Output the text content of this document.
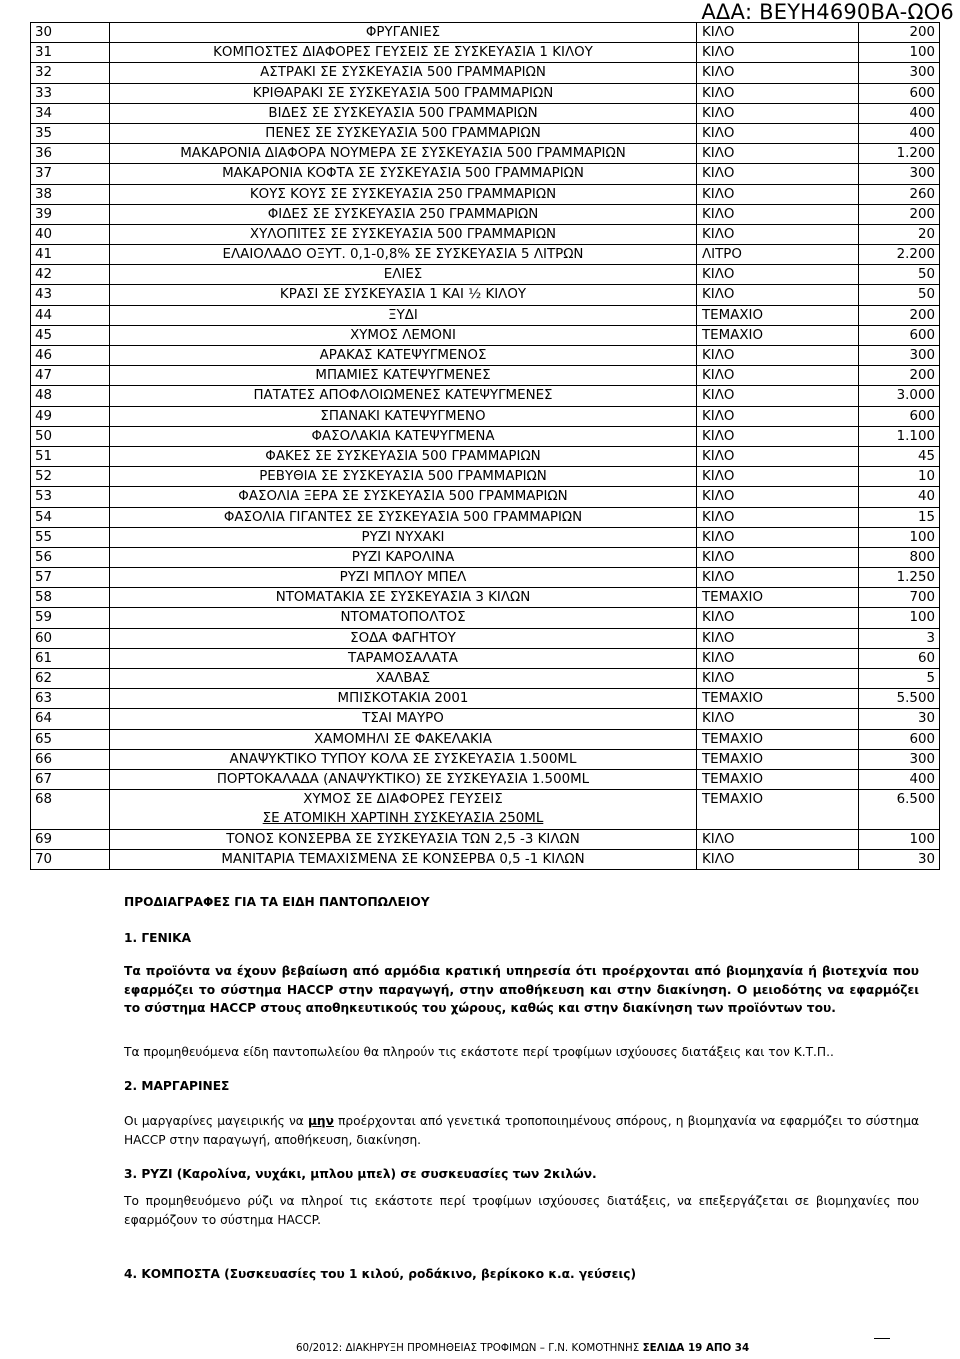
ΑΔΑ: ΒΕΥΗ4690ΒΑ-ΩΟ6
30	ΦΡΥΓΑΝΙΕΣ	ΚΙΛΟ	200
31	ΚΟΜΠΟΣΤΕΣ ΔΙΑΦΟΡΕΣ ΓΕΥΣΕΙΣ ΣΕ ΣΥΣΚΕΥΑΣΙΑ 1 ΚΙΛΟΥ	ΚΙΛΟ	100
32	ΑΣΤΡΑΚΙ ΣΕ ΣΥΣΚΕΥΑΣΙΑ 500 ΓΡΑΜΜΑΡΙΩΝ	ΚΙΛΟ	300
33	ΚΡΙΘΑΡΑΚΙ ΣΕ ΣΥΣΚΕΥΑΣΙΑ 500 ΓΡΑΜΜΑΡΙΩΝ	ΚΙΛΟ	600
34	ΒΙΔΕΣ ΣΕ ΣΥΣΚΕΥΑΣΙΑ 500 ΓΡΑΜΜΑΡΙΩΝ	ΚΙΛΟ	400
35	ΠΕΝΕΣ ΣΕ ΣΥΣΚΕΥΑΣΙΑ 500 ΓΡΑΜΜΑΡΙΩΝ	ΚΙΛΟ	400
36	ΜΑΚΑΡΟΝΙΑ ΔΙΑΦΟΡΑ ΝΟΥΜΕΡΑ ΣΕ ΣΥΣΚΕΥΑΣΙΑ 500 ΓΡΑΜΜΑΡΙΩΝ	ΚΙΛΟ	1.200
37	ΜΑΚΑΡΟΝΙΑ ΚΟΦΤΑ ΣΕ ΣΥΣΚΕΥΑΣΙΑ 500 ΓΡΑΜΜΑΡΙΩΝ	ΚΙΛΟ	300
38	ΚΟΥΣ ΚΟΥΣ ΣΕ ΣΥΣΚΕΥΑΣΙΑ 250 ΓΡΑΜΜΑΡΙΩΝ	ΚΙΛΟ	260
39	ΦΙΔΕΣ ΣΕ ΣΥΣΚΕΥΑΣΙΑ 250 ΓΡΑΜΜΑΡΙΩΝ	ΚΙΛΟ	200
40	ΧΥΛΟΠΙΤΕΣ ΣΕ ΣΥΣΚΕΥΑΣΙΑ 500 ΓΡΑΜΜΑΡΙΩΝ	ΚΙΛΟ	20
41	ΕΛΑΙΟΛΑΔΟ ΟΞΥΤ. 0,1-0,8% ΣΕ ΣΥΣΚΕΥΑΣΙΑ 5 ΛΙΤΡΩΝ	ΛΙΤΡΟ	2.200
42	ΕΛΙΕΣ	ΚΙΛΟ	50
43	ΚΡΑΣΙ ΣΕ ΣΥΣΚΕΥΑΣΙΑ 1 ΚΑΙ ½ ΚΙΛΟΥ	ΚΙΛΟ	50
44	ΞΥΔΙ	ΤΕΜΑΧΙΟ	200
45	ΧΥΜΟΣ ΛΕΜΟΝΙ	ΤΕΜΑΧΙΟ	600
46	ΑΡΑΚΑΣ ΚΑΤΕΨΥΓΜΕΝΟΣ	ΚΙΛΟ	300
47	ΜΠΑΜΙΕΣ ΚΑΤΕΨΥΓΜΕΝΕΣ	ΚΙΛΟ	200
48	ΠΑΤΑΤΕΣ ΑΠΟΦΛΟΙΩΜΕΝΕΣ ΚΑΤΕΨΥΓΜΕΝΕΣ	ΚΙΛΟ	3.000
49	ΣΠΑΝΑΚΙ ΚΑΤΕΨΥΓΜΕΝΟ	ΚΙΛΟ	600
50	ΦΑΣΟΛΑΚΙΑ ΚΑΤΕΨΥΓΜΕΝΑ	ΚΙΛΟ	1.100
51	ΦΑΚΕΣ ΣΕ ΣΥΣΚΕΥΑΣΙΑ 500 ΓΡΑΜΜΑΡΙΩΝ	ΚΙΛΟ	45
52	ΡΕΒΥΘΙΑ ΣΕ ΣΥΣΚΕΥΑΣΙΑ 500 ΓΡΑΜΜΑΡΙΩΝ	ΚΙΛΟ	10
53	ΦΑΣΟΛΙΑ ΞΕΡΑ ΣΕ ΣΥΣΚΕΥΑΣΙΑ 500 ΓΡΑΜΜΑΡΙΩΝ	ΚΙΛΟ	40
54	ΦΑΣΟΛΙΑ ΓΙΓΑΝΤΕΣ ΣΕ ΣΥΣΚΕΥΑΣΙΑ 500 ΓΡΑΜΜΑΡΙΩΝ	ΚΙΛΟ	15
55	ΡΥΖΙ ΝΥΧΑΚΙ	ΚΙΛΟ	100
56	ΡΥΖΙ ΚΑΡΟΛΙΝΑ	ΚΙΛΟ	800
57	ΡΥΖΙ ΜΠΛΟΥ ΜΠΕΛ	ΚΙΛΟ	1.250
58	ΝΤΟΜΑΤΑΚΙΑ ΣΕ ΣΥΣΚΕΥΑΣΙΑ 3 ΚΙΛΩΝ	ΤΕΜΑΧΙΟ	700
59	ΝΤΟΜΑΤΟΠΟΛΤΟΣ	ΚΙΛΟ	100
60	ΣΟΔΑ ΦΑΓΗΤΟΥ	ΚΙΛΟ	3
61	ΤΑΡΑΜΟΣΑΛΑΤΑ	ΚΙΛΟ	60
62	ΧΑΛΒΑΣ	ΚΙΛΟ	5
63	ΜΠΙΣΚΟΤΑΚΙΑ 2001	ΤΕΜΑΧΙΟ	5.500
64	ΤΣΑΙ ΜΑΥΡΟ	ΚΙΛΟ	30
65	ΧΑΜΟΜΗΛΙ ΣΕ ΦΑΚΕΛΑΚΙΑ	ΤΕΜΑΧΙΟ	600
66	ΑΝΑΨΥΚΤΙΚΟ ΤΥΠΟΥ ΚΟΛΑ ΣΕ ΣΥΣΚΕΥΑΣΙΑ 1.500ML	ΤΕΜΑΧΙΟ	300
67	ΠΟΡΤΟΚΑΛΑΔΑ (ΑΝΑΨΥΚΤΙΚΟ) ΣΕ ΣΥΣΚΕΥΑΣΙΑ 1.500ML	ΤΕΜΑΧΙΟ	400
68	ΧΥΜΟΣ ΣΕ ΔΙΑΦΟΡΕΣ ΓΕΥΣΕΙΣ
ΣΕ ΑΤΟΜΙΚΗ ΧΑΡΤΙΝΗ ΣΥΣΚΕΥΑΣΙΑ 250ML	ΤΕΜΑΧΙΟ	6.500
69	ΤΟΝΟΣ ΚΟΝΣΕΡΒΑ ΣΕ ΣΥΣΚΕΥΑΣΙΑ ΤΩΝ 2,5 -3 ΚΙΛΩΝ	ΚΙΛΟ	100
70	ΜΑΝΙΤΑΡΙΑ ΤΕΜΑΧΙΣΜΕΝΑ ΣΕ ΚΟΝΣΕΡΒΑ 0,5 -1 ΚΙΛΩΝ	ΚΙΛΟ	30
ΠΡΟΔΙΑΓΡΑΦΕΣ ΓΙΑ ΤΑ ΕΙΔΗ ΠΑΝΤΟΠΩΛΕΙΟΥ
1. ΓΕΝΙΚΑ
Τα προϊόντα να έχουν βεβαίωση από αρμόδια κρατική υπηρεσία ότι προέρχονται από βιομηχανία ή βιοτεχνία που εφαρμόζει το σύστημα HACCP στην παραγωγή, στην αποθήκευση και στην διακίνηση. Ο μειοδότης να εφαρμόζει το σύστημα HACCP στους αποθηκευτικούς του χώρους, καθώς και στην διακίνηση των προϊόντων του.
Τα προμηθευόμενα είδη παντοπωλείου θα πληρούν τις εκάστοτε περί τροφίμων ισχύουσες διατάξεις και τον Κ.Τ.Π..
2. ΜΑΡΓΑΡΙΝΕΣ
Οι μαργαρίνες μαγειρικής να μην προέρχονται από γενετικά τροποποιημένους σπόρους, η βιομηχανία να εφαρμόζει το σύστημα HACCP στην παραγωγή, αποθήκευση, διακίνηση.
3. ΡΥΖΙ (Καρολίνα, νυχάκι, μπλου μπελ) σε συσκευασίες των 2κιλών.
Το προμηθευόμενο ρύζι να πληροί τις εκάστοτε περί τροφίμων ισχύουσες διατάξεις, να επεξεργάζεται σε βιομηχανίες που εφαρμόζουν το σύστημα HACCP.
4. ΚΟΜΠΟΣΤΑ (Συσκευασίες του 1 κιλού, ροδάκινο, βερίκοκο κ.α. γεύσεις)
60/2012: ΔΙΑΚΗΡΥΞΗ ΠΡΟΜΗΘΕΙΑΣ ΤΡΟΦΙΜΩΝ – Γ.Ν. ΚΟΜΟΤΗΝΗΣ ΣΕΛΙΔΑ 19 ΑΠΟ 34
